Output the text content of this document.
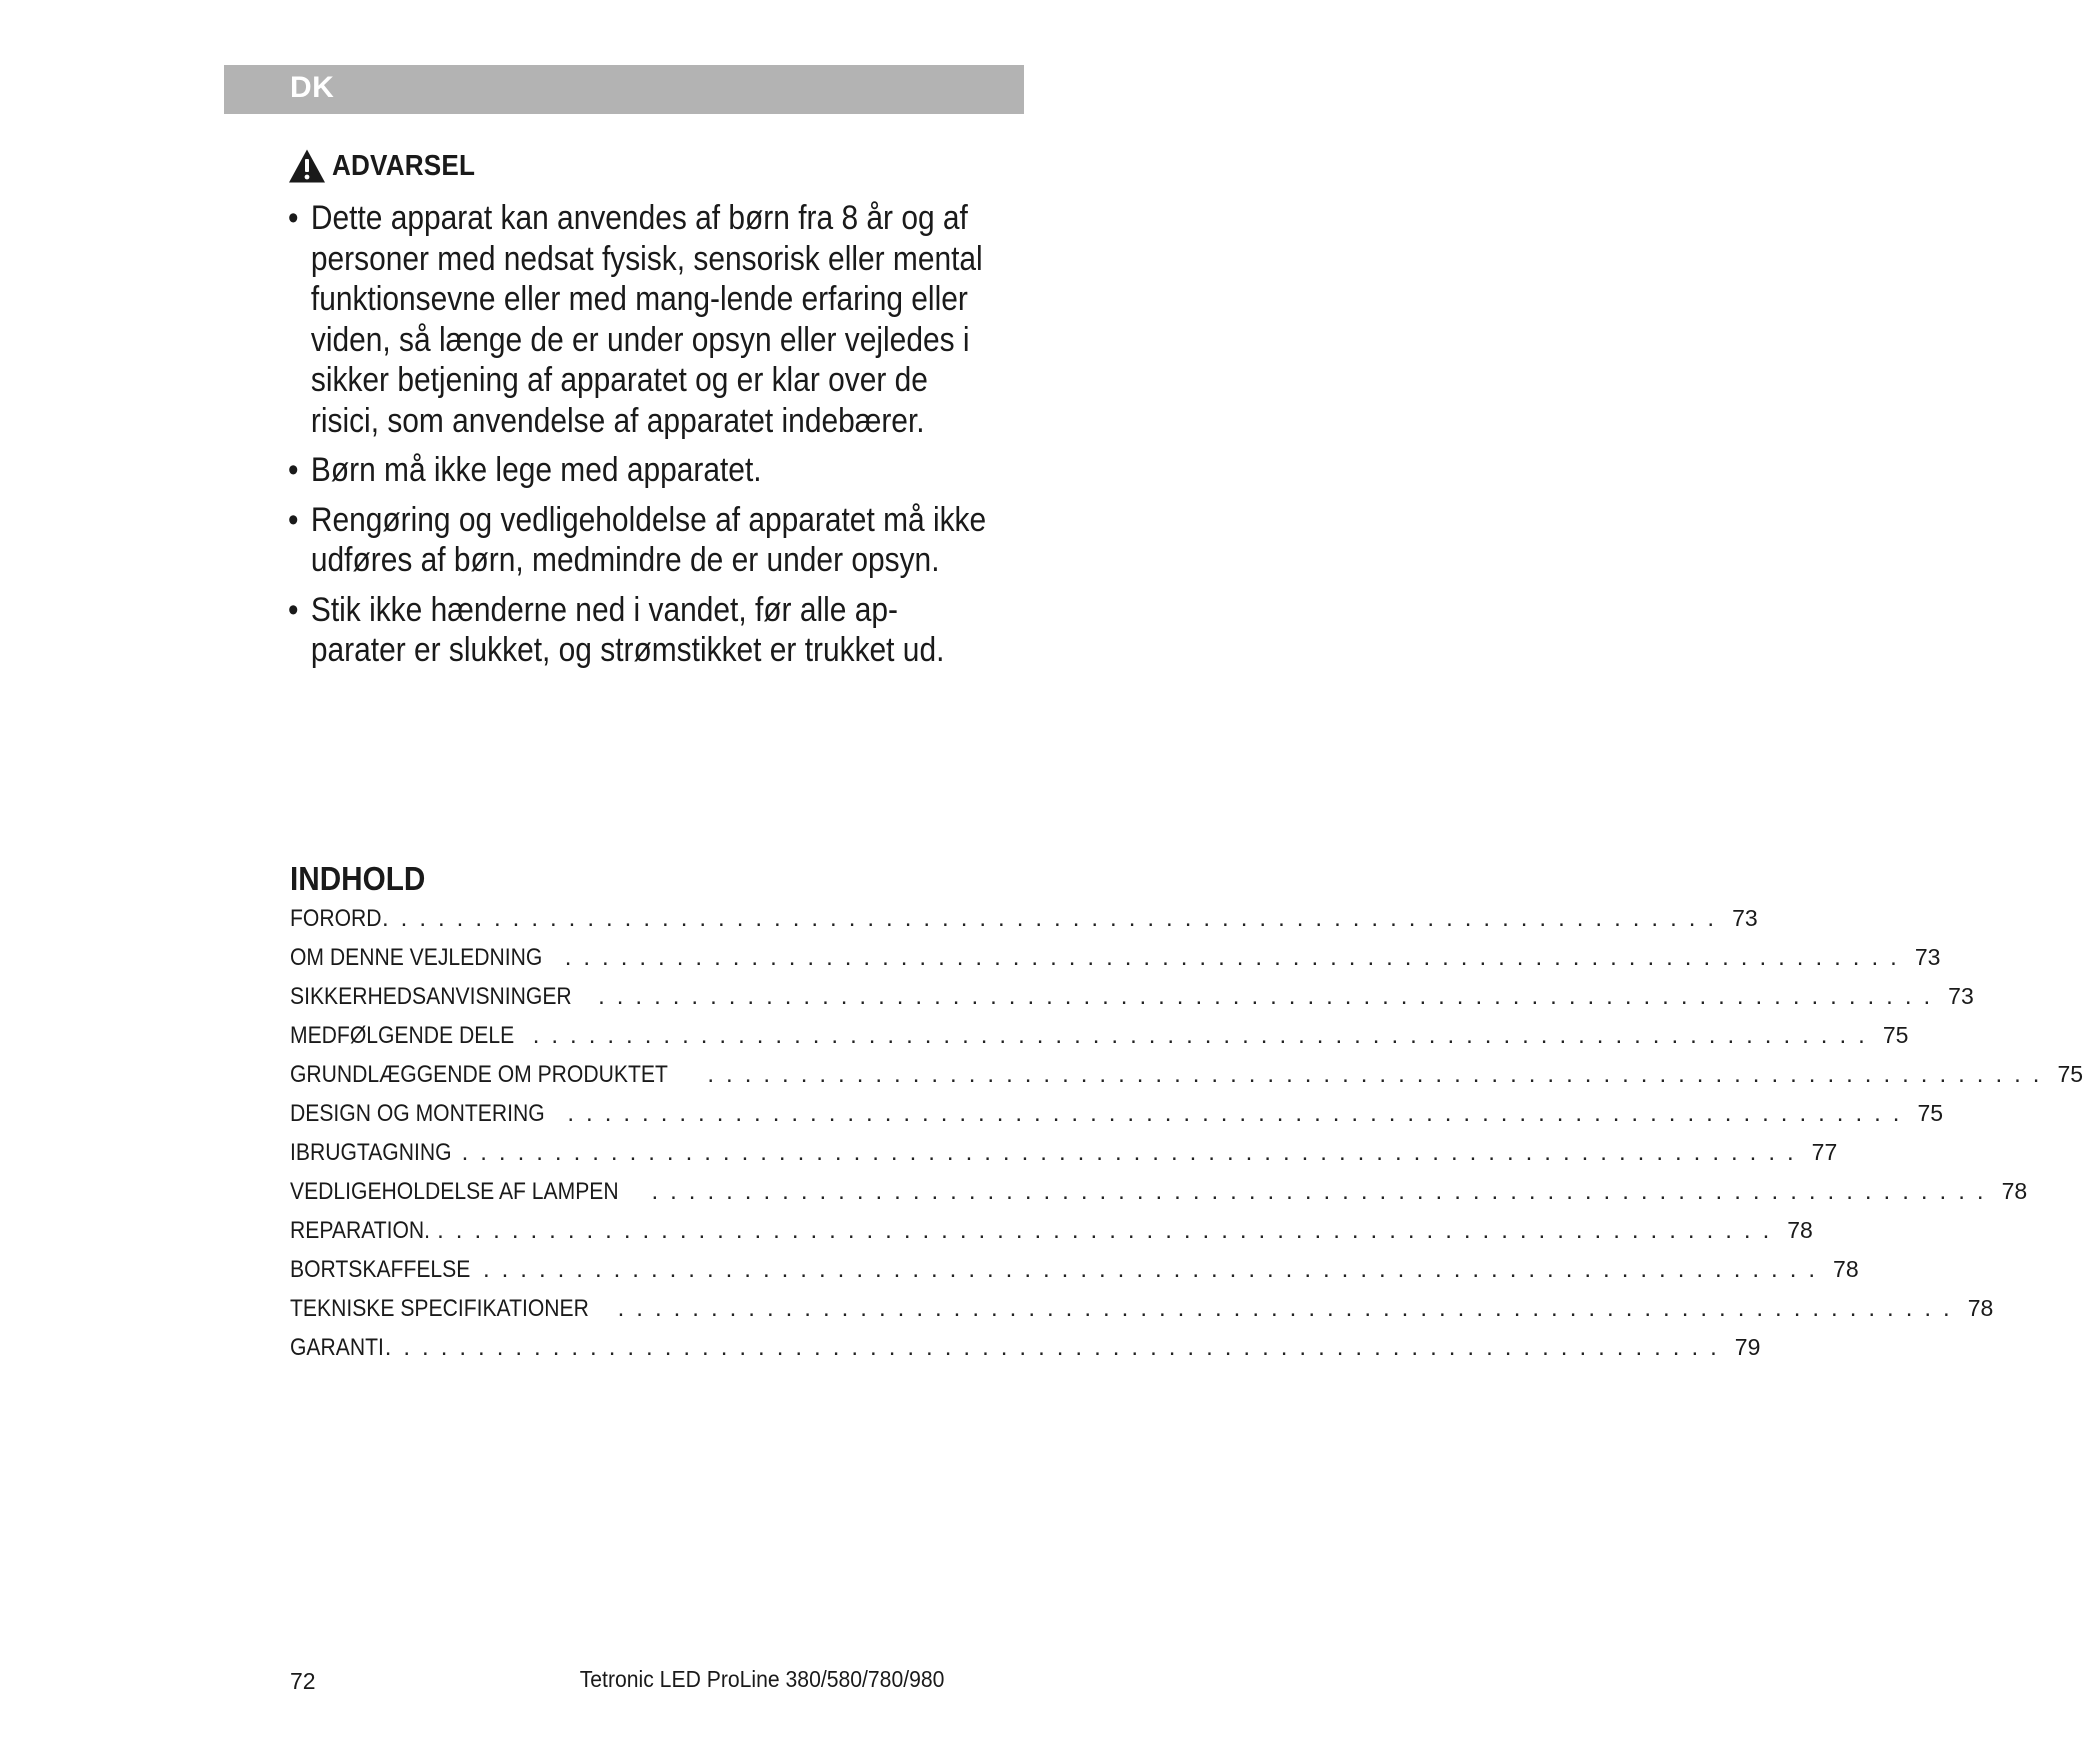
DK
ADVARSEL
• Dette apparat kan anvendes af børn fra 8 år og af personer med nedsat fysisk, sensorisk eller mental funktionsevne eller med mang-lende erfaring eller viden, så længe de er under opsyn eller vejledes i sikker betjening af apparatet og er klar over de risici, som anvendelse af apparatet indebærer.
• Børn må ikke lege med apparatet.
• Rengøring og vedligeholdelse af apparatet må ikke udføres af børn, medmindre de er under opsyn.
• Stik ikke hænderne ned i vandet, før alle ap-parater er slukket, og strømstikket er trukket ud.
INDHOLD
FORORD ........................................................................ 73
OM DENNE VEJLEDNING ........................................................................ 73
SIKKERHEDSANVISNINGER ........................................................................ 73
MEDFØLGENDE DELE ........................................................................ 75
GRUNDLÆGGENDE OM PRODUKTET ........................................................................ 75
DESIGN OG MONTERING ........................................................................ 75
IBRUGTAGNING ........................................................................ 77
VEDLIGEHOLDELSE AF LAMPEN ........................................................................ 78
REPARATION. ........................................................................ 78
BORTSKAFFELSE ........................................................................ 78
TEKNISKE SPECIFIKATIONER ........................................................................ 78
GARANTI ........................................................................ 79
72	Tetronic LED ProLine 380/580/780/980
